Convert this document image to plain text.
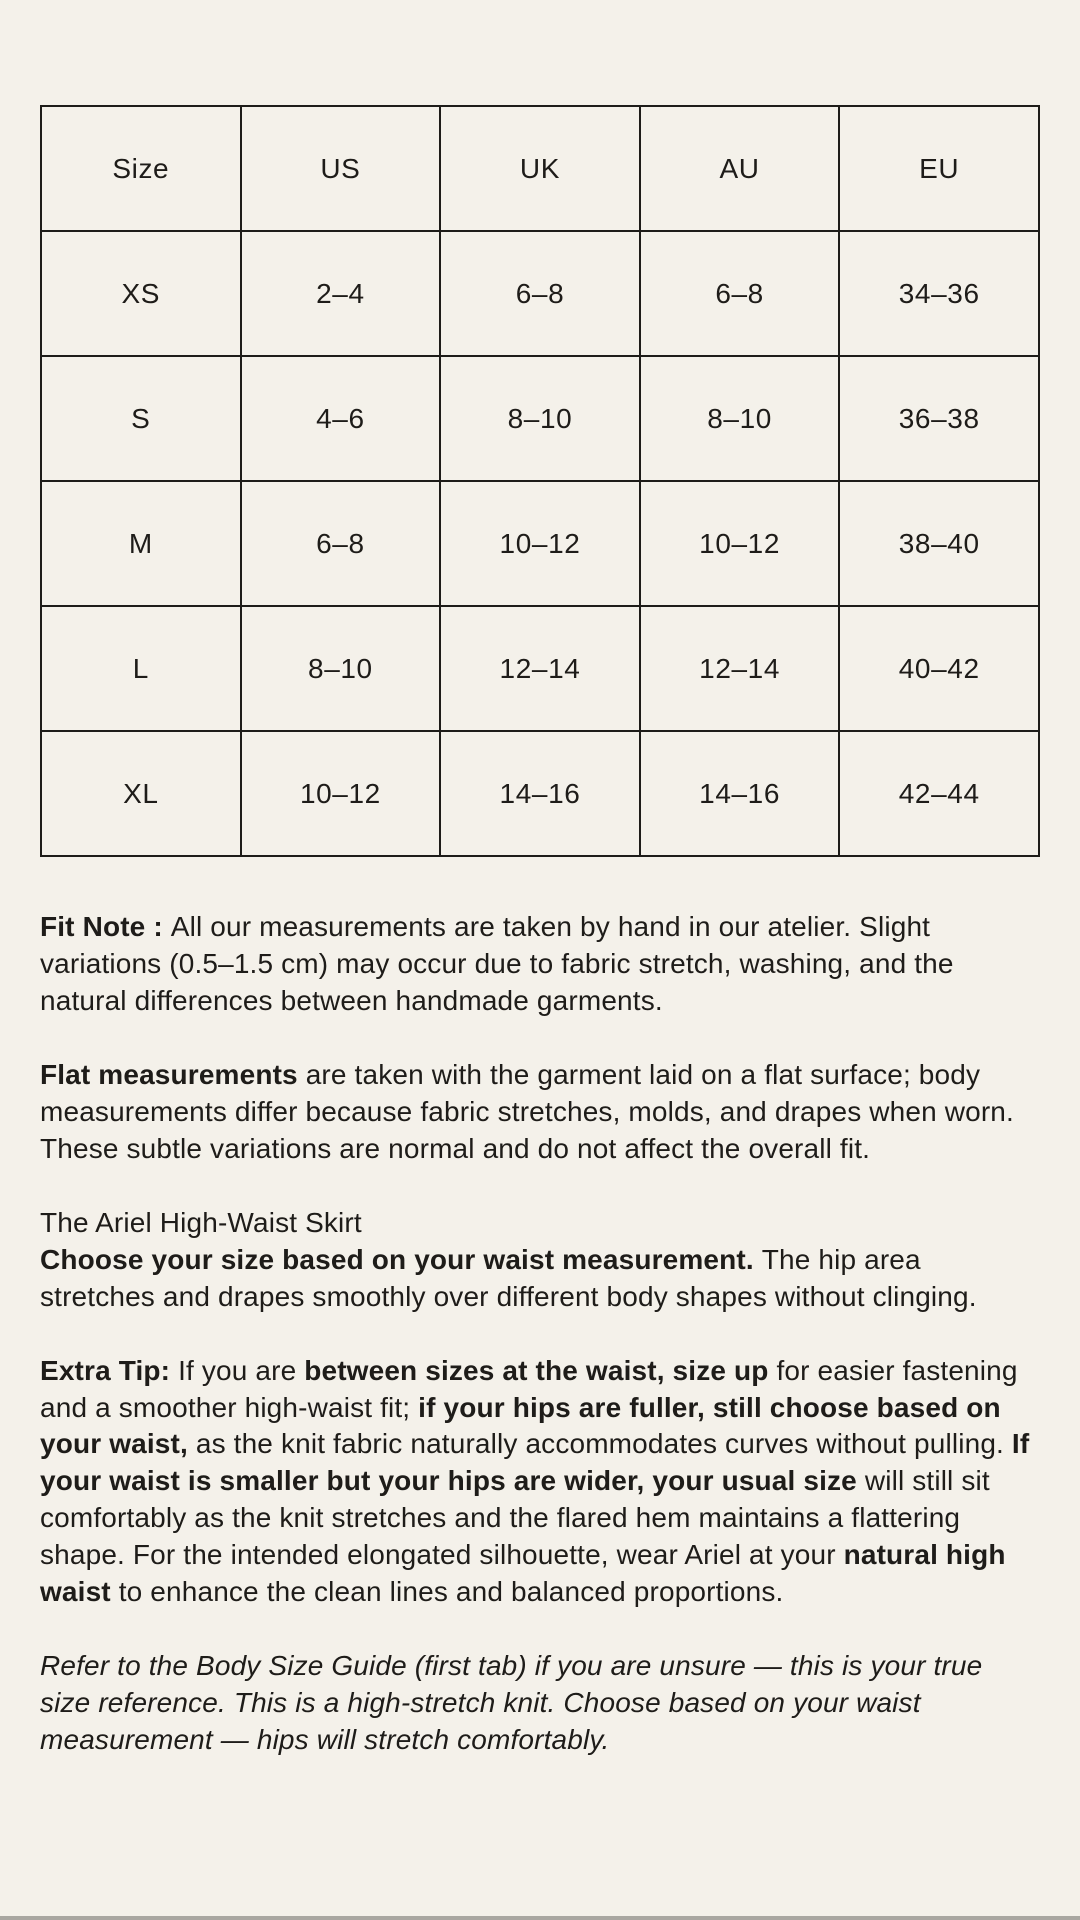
Size	US	UK	AU	EU
XS	2–4	6–8	6–8	34–36
S	4–6	8–10	8–10	36–38
M	6–8	10–12	10–12	38–40
L	8–10	12–14	12–14	40–42
XL	10–12	14–16	14–16	42–44

Fit Note : All our measurements are taken by hand in our atelier. Slight variations (0.5–1.5 cm) may occur due to fabric stretch, washing, and the natural differences between handmade garments.

Flat measurements are taken with the garment laid on a flat surface; body measurements differ because fabric stretches, molds, and drapes when worn. These subtle variations are normal and do not affect the overall fit.

The Ariel High-Waist Skirt
Choose your size based on your waist measurement. The hip area stretches and drapes smoothly over different body shapes without clinging.

Extra Tip: If you are between sizes at the waist, size up for easier fastening and a smoother high-waist fit; if your hips are fuller, still choose based on your waist, as the knit fabric naturally accommodates curves without pulling. If your waist is smaller but your hips are wider, your usual size will still sit comfortably as the knit stretches and the flared hem maintains a flattering shape. For the intended elongated silhouette, wear Ariel at your natural high waist to enhance the clean lines and balanced proportions.

Refer to the Body Size Guide (first tab) if you are unsure — this is your true size reference. This is a high-stretch knit. Choose based on your waist measurement — hips will stretch comfortably.
